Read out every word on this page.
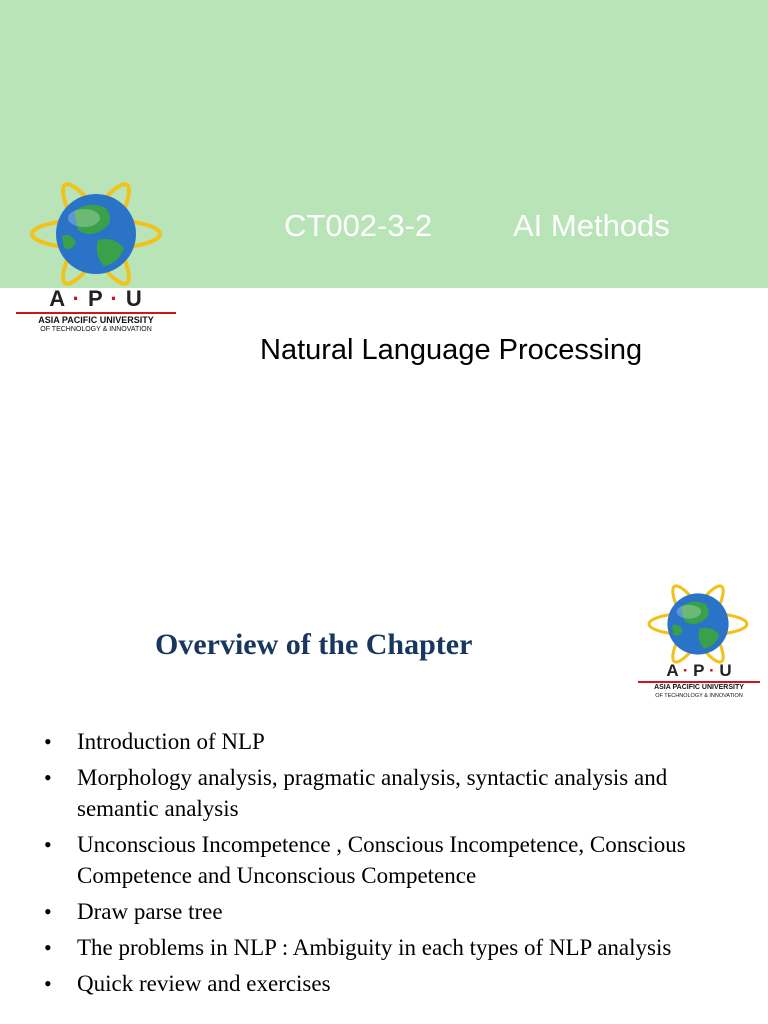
CT002-3-2	AI Methods
A · P · U
ASIA PACIFIC UNIVERSITY
OF TECHNOLOGY & INNOVATION
Natural Language Processing
A · P · U
ASIA PACIFIC UNIVERSITY
OF TECHNOLOGY & INNOVATION
Overview of the Chapter
• Introduction of NLP
• Morphology analysis, pragmatic analysis, syntactic analysis and semantic analysis
• Unconscious Incompetence , Conscious Incompetence, Conscious Competence and Unconscious Competence
• Draw parse tree
• The problems in NLP : Ambiguity in each types of NLP analysis
• Quick review and exercises
